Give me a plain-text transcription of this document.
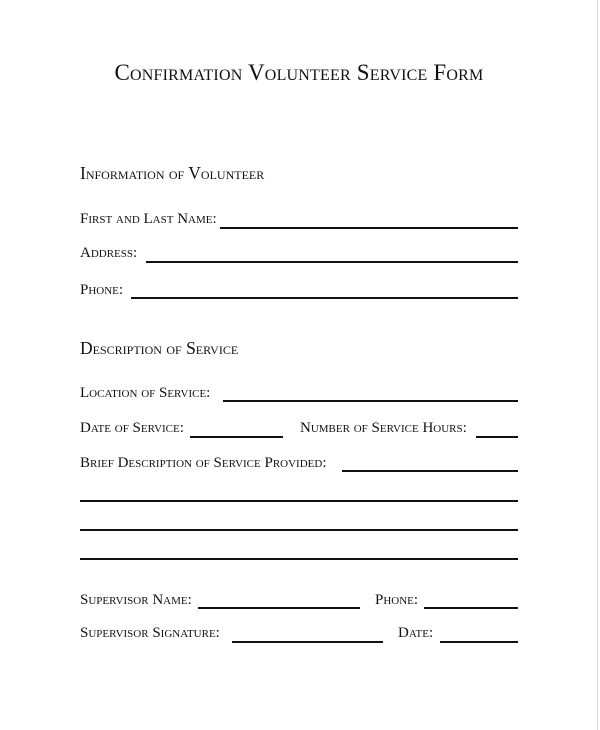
Confirmation Volunteer Service Form
Information of Volunteer
First and Last Name:
Address:
Phone:
Description of Service
Location of Service:
Date of Service:	Number of Service Hours:
Brief Description of Service Provided:
Supervisor Name:	Phone:
Supervisor Signature:	Date:
